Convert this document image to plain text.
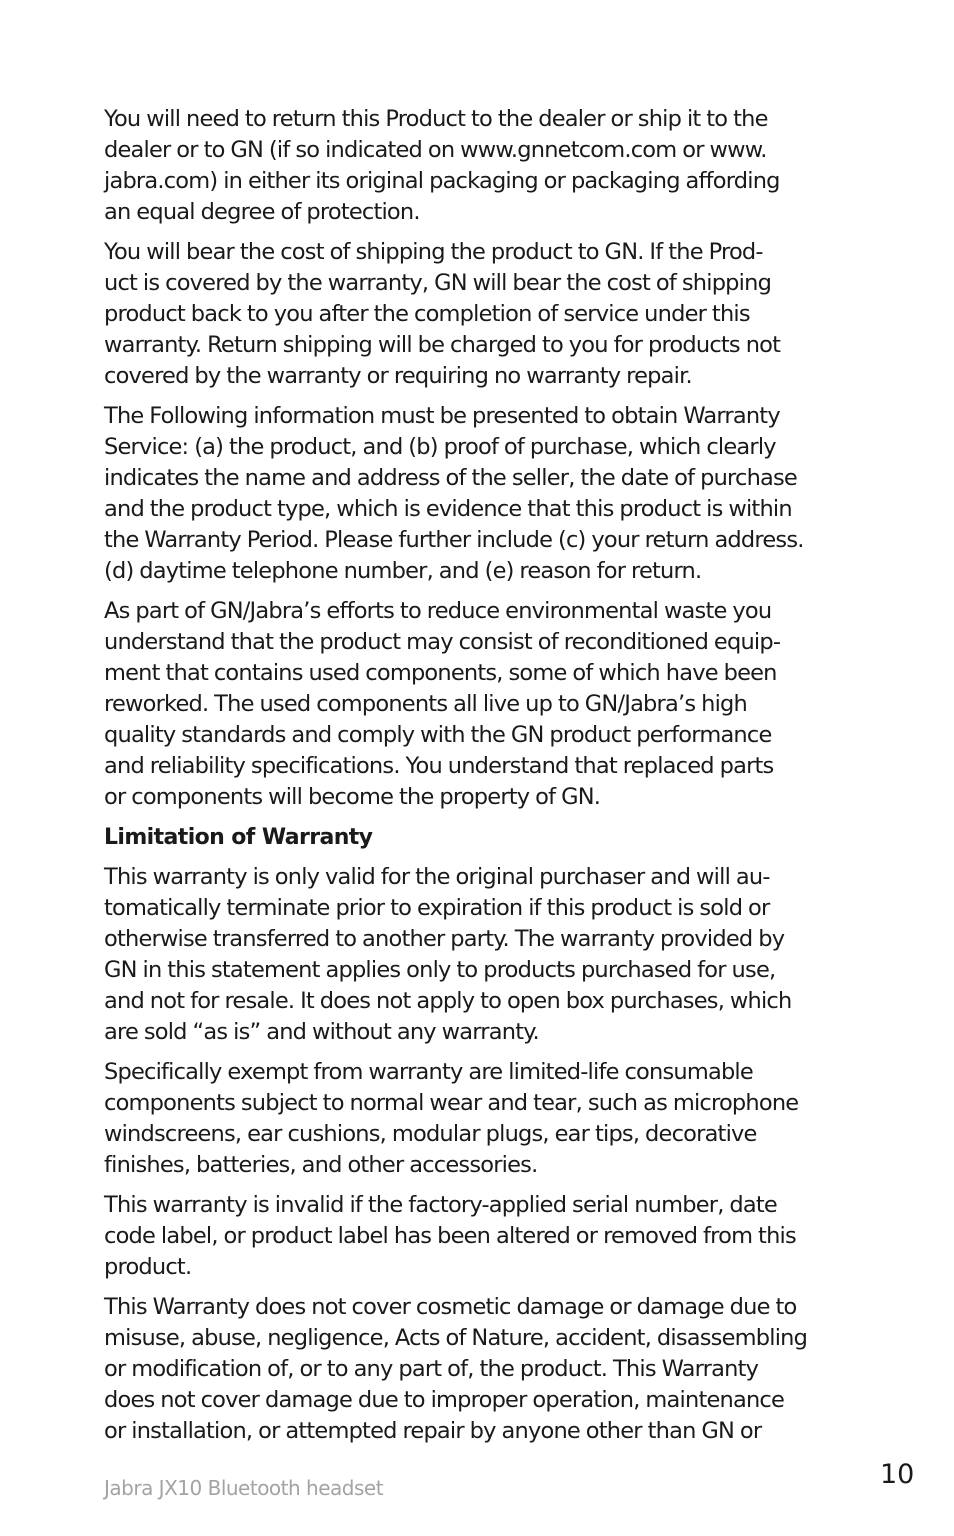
You will need to return this Product to the dealer or ship it to the
dealer or to GN (if so indicated on www.gnnetcom.com or www.
jabra.com) in either its original packaging or packaging affording
an equal degree of protection.

You will bear the cost of shipping the product to GN. If the Prod-
uct is covered by the warranty, GN will bear the cost of shipping
product back to you after the completion of service under this
warranty. Return shipping will be charged to you for products not
covered by the warranty or requiring no warranty repair.

The Following information must be presented to obtain Warranty
Service: (a) the product, and (b) proof of purchase, which clearly
indicates the name and address of the seller, the date of purchase
and the product type, which is evidence that this product is within
the Warranty Period. Please further include (c) your return address.
(d) daytime telephone number, and (e) reason for return.

As part of GN/Jabra’s efforts to reduce environmental waste you
understand that the product may consist of reconditioned equip-
ment that contains used components, some of which have been
reworked. The used components all live up to GN/Jabra’s high
quality standards and comply with the GN product performance
and reliability specifications. You understand that replaced parts
or components will become the property of GN.

Limitation of Warranty

This warranty is only valid for the original purchaser and will au-
tomatically terminate prior to expiration if this product is sold or
otherwise transferred to another party. The warranty provided by
GN in this statement applies only to products purchased for use,
and not for resale. It does not apply to open box purchases, which
are sold “as is” and without any warranty.

Specifically exempt from warranty are limited-life consumable
components subject to normal wear and tear, such as microphone
windscreens, ear cushions, modular plugs, ear tips, decorative
finishes, batteries, and other accessories.

This warranty is invalid if the factory-applied serial number, date
code label, or product label has been altered or removed from this
product.

This Warranty does not cover cosmetic damage or damage due to
misuse, abuse, negligence, Acts of Nature, accident, disassembling
or modification of, or to any part of, the product. This Warranty
does not cover damage due to improper operation, maintenance
or installation, or attempted repair by anyone other than GN or

Jabra JX10 Bluetooth headset	10
